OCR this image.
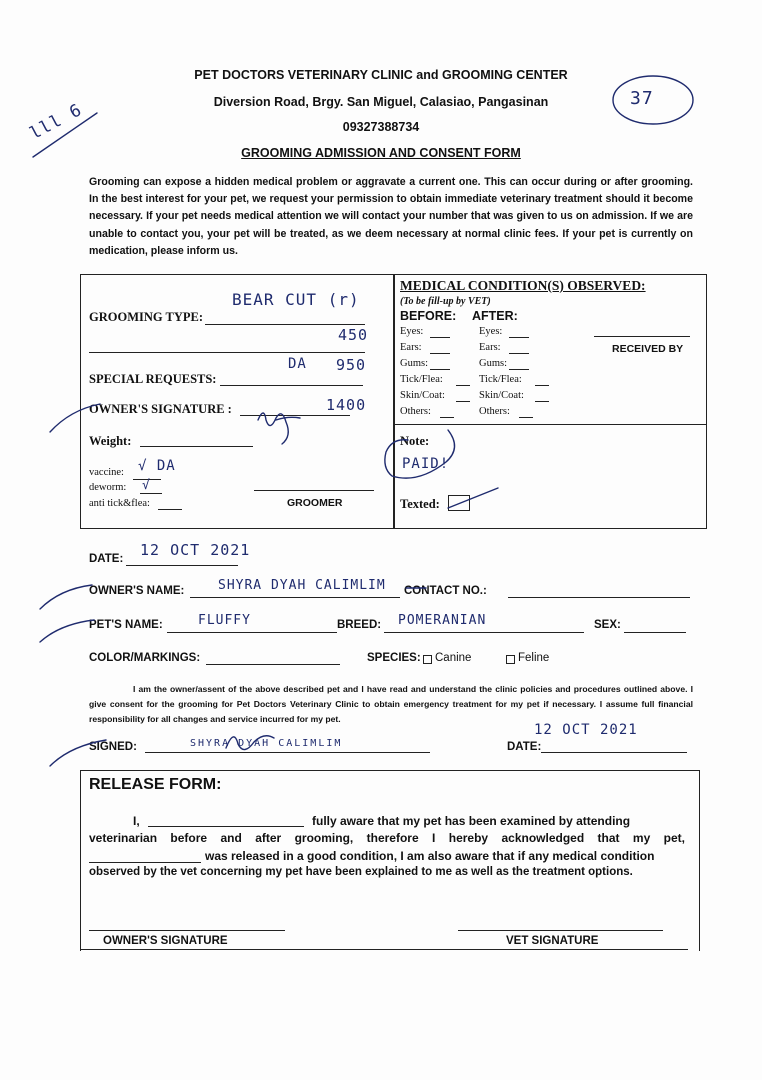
PET DOCTORS VETERINARY CLINIC and GROOMING CENTER
Diversion Road, Brgy. San Miguel, Calasiao, Pangasinan
09327388734
GROOMING ADMISSION AND CONSENT FORM
lll 6
37
Grooming can expose a hidden medical problem or aggravate a current one. This can occur during or after grooming. In the best interest for your pet, we request your permission to obtain immediate veterinary treatment should it become necessary. If your pet needs medical attention we will contact your number that was given to us on admission. If we are unable to contact you, your pet will be treated, as we deem necessary at normal clinic fees. If your pet is currently on medication, please inform us.
GROOMING TYPE:
BEAR CUT (r)
450
DA 950
SPECIAL REQUESTS:
OWNER'S SIGNATURE :	1400
Weight:
vaccine: √ DA
deworm: √
anti tick&flea:	GROOMER
MEDICAL CONDITION(S) OBSERVED:
(To be fill-up by VET)
BEFORE: AFTER:
Eyes:	Eyes:
Ears:	Ears:
Gums:	Gums:
Tick/Flea:	Tick/Flea:
Skin/Coat:	Skin/Coat:
Others:	Others:
RECEIVED BY
Note:
PAID!
Texted:
DATE: 12 OCT 2021
OWNER'S NAME:	SHYRA DYAH CALIMLIM CONTACT NO.:
PET'S NAME:	FLUFFY	BREED: POMERANIAN	SEX:
COLOR/MARKINGS:	SPECIES: Canine	Feline
I am the owner/assent of the above described pet and I have read and understand the clinic policies and procedures outlined above. I give consent for the grooming for Pet Doctors Veterinary Clinic to obtain emergency treatment for my pet if necessary. I assume full financial responsibility for all changes and service incurred for my pet.
SIGNED:	SHYRA DYAH CALIMLIM	DATE:
12 OCT 2021
RELEASE FORM:
I,	fully aware that my pet has been examined by attending
veterinarian before and after grooming, therefore I hereby acknowledged that my pet,
was released in a good condition, I am also aware that if any medical condition
observed by the vet concerning my pet have been explained to me as well as the treatment options.
OWNER'S SIGNATURE	VET SIGNATURE
